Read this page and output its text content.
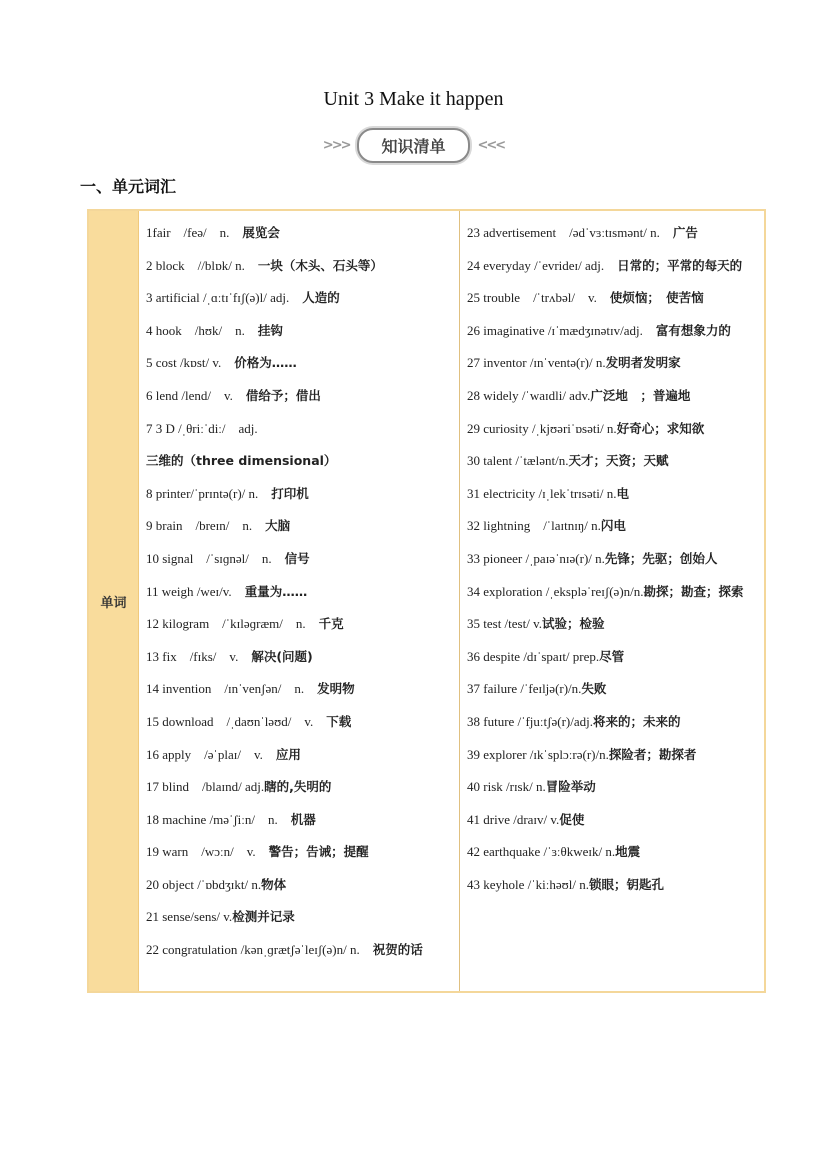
Unit 3 Make it happen
>>>	知识清单	<<<
一、单元词汇
单词
1fair　/feə/　n.　展览会
2 block　//blɒk/ n.　一块（木头、石头等）
3 artificial /ˌɑːtɪˈfɪʃ(ə)l/ adj.　人造的
4 hook　/hʊk/　n.　挂钩
5 cost /kɒst/ v.　价格为……
6 lend /lend/　v.　借给予；借出
7 3 D /ˌθriːˈdiː/　adj.　三维的（three dimensional）
8 printer/ˈprɪntə(r)/ n.　打印机
9 brain　/breɪn/　n.　大脑
10 signal　/ˈsɪɡnəl/　n.　信号
11 weigh /weɪ/v.　重量为……
12 kilogram　/ˈkɪləɡræm/　n.　千克
13 fix　/fɪks/　v.　解决(问题)
14 invention　/ɪnˈvenʃən/　n.　发明物
15 download　/ˌdaʊnˈləʊd/　v.　下载
16 apply　/əˈplaɪ/　v.　应用
17 blind　/blaɪnd/ adj.瞎的,失明的
18 machine /məˈʃiːn/　n.　机器
19 warn　/wɔːn/　v.　警告；告诫；提醒
20 object /ˈɒbdʒɪkt/ n.物体
21 sense/sens/ v.检测并记录
22 congratulation /kənˌɡrætʃəˈleɪʃ(ə)n/ n.　祝贺的话
23 advertisement　/ədˈvɜːtɪsmənt/ n.　广告
24 everyday /ˈevrideɪ/ adj.　日常的；平常的每天的
25 trouble　/ˈtrʌbəl/　v.　使烦恼；　使苦恼
26 imaginative /ɪˈmædʒɪnətɪv/adj.　富有想象力的
27 inventor /ɪnˈventə(r)/ n.发明者发明家
28 widely /ˈwaɪdli/ adv.广泛地　；普遍地
29 curiosity /ˌkjʊəriˈɒsəti/ n.好奇心；求知欲
30 talent /ˈtælənt/n.天才；天资；天赋
31 electricity /ɪˌlekˈtrɪsəti/ n.电
32 lightning　/ˈlaɪtnɪŋ/ n.闪电
33 pioneer /ˌpaɪəˈnɪə(r)/ n.先锋；先驱；创始人
34 exploration /ˌekspləˈreɪʃ(ə)n/n.勘探；勘查；探索
35 test /test/ v.试验；检验
36 despite /dɪˈspaɪt/ prep.尽管
37 failure /ˈfeɪljə(r)/n.失败
38 future /ˈfjuːtʃə(r)/adj.将来的；未来的
39 explorer /ɪkˈsplɔːrə(r)/n.探险者；勘探者
40 risk /rɪsk/ n.冒险举动
41 drive /draɪv/ v.促使
42 earthquake /ˈɜːθkweɪk/ n.地震
43 keyhole /ˈkiːhəʊl/ n.锁眼；钥匙孔
